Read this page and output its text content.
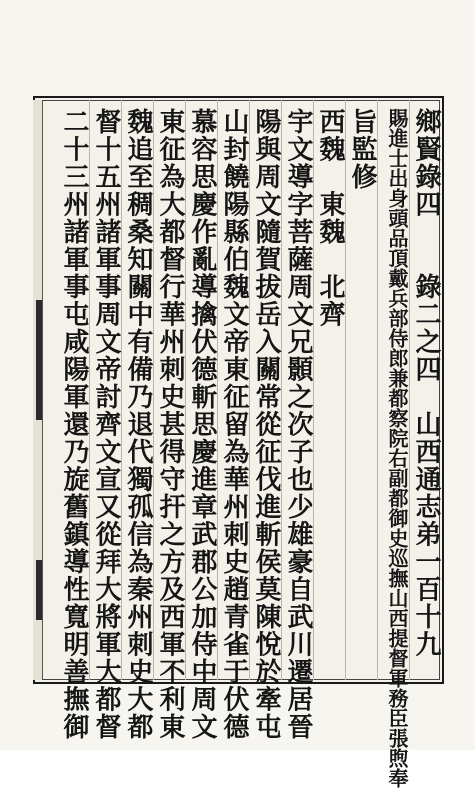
鄉賢錄四　　錄二之四　山西通志弟一百十九
賜進士出身頭品頂戴兵部侍郎兼都察院右副都御史巡撫山西提督軍務臣張煦奉
旨監修
西魏　東魏　北齊
宇文導字菩薩周文兄顥之次子也少雄豪自武川遷居晉
陽與周文隨賀拔岳入關常從征伐進斬侯莫陳悅於牽屯
山封饒陽縣伯魏文帝東征留為華州刺史趙青雀于伏德
慕容思慶作亂導擒伏德斬思慶進章武郡公加侍中周文
東征為大都督行華州刺史甚得守扞之方及西軍不利東
魏追至稠桑知關中有備乃退代獨孤信為秦州刺史大都
督十五州諸軍事周文帝討齊文宣又從拜大將軍大都督
二十三州諸軍事屯咸陽軍還乃旋舊鎮導性寬明善撫御
